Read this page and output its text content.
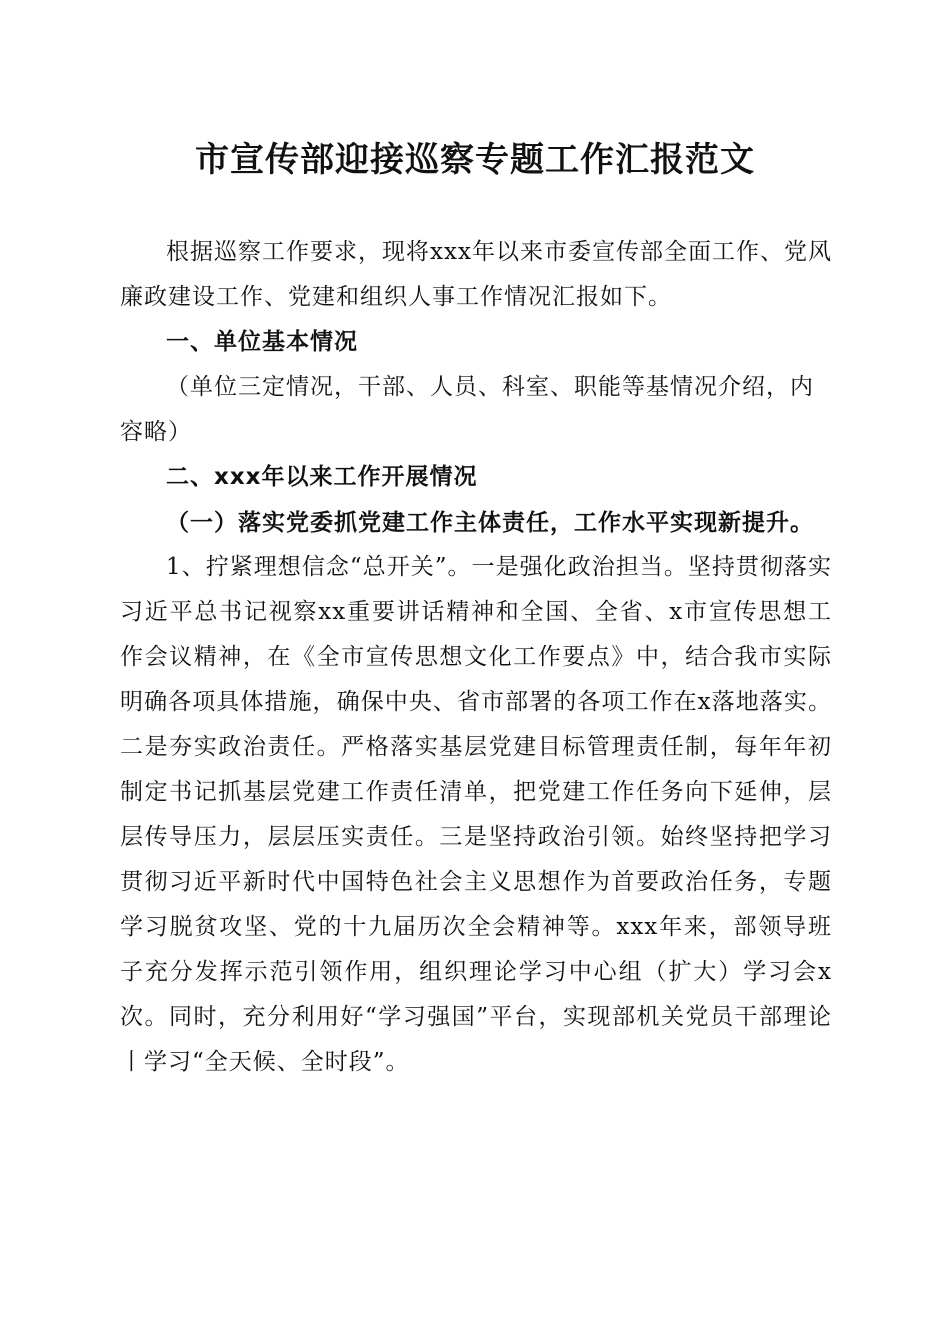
市宣传部迎接巡察专题工作汇报范文

根据巡察工作要求，现将xxx年以来市委宣传部全面工作、党风廉政建设工作、党建和组织人事工作情况汇报如下。

一、单位基本情况

（单位三定情况，干部、人员、科室、职能等基情况介绍，内容略）

二、xxx年以来工作开展情况

（一）落实党委抓党建工作主体责任，工作水平实现新提升。

1、拧紧理想信念“总开关”。一是强化政治担当。坚持贯彻落实习近平总书记视察xx重要讲话精神和全国、全省、x市宣传思想工作会议精神，在《全市宣传思想文化工作要点》中，结合我市实际明确各项具体措施，确保中央、省市部署的各项工作在x落地落实。二是夯实政治责任。严格落实基层党建目标管理责任制，每年年初制定书记抓基层党建工作责任清单，把党建工作任务向下延伸，层层传导压力，层层压实责任。三是坚持政治引领。始终坚持把学习贯彻习近平新时代中国特色社会主义思想作为首要政治任务，专题学习脱贫攻坚、党的十九届历次全会精神等。xxx年来，部领导班子充分发挥示范引领作用，组织理论学习中心组（扩大）学习会x次。同时，充分利用好“学习强国”平台，实现部机关党员干部理论丨学习“全天候、全时段”。
